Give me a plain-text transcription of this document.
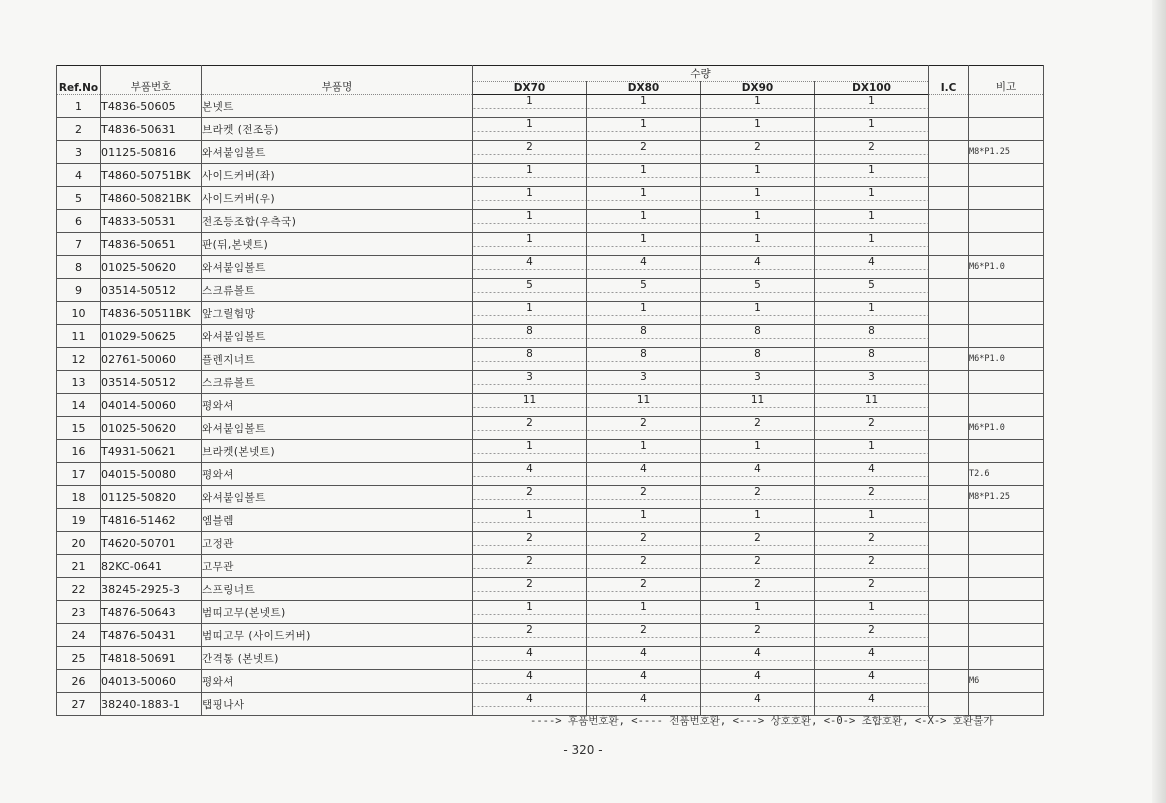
Ref.No	부품번호	부품명	수량				I.C	비고
			DX70	DX80	DX90	DX100		
1	T4836-50605	본넷트	1	1	1	1		
2	T4836-50631	브라켓 (전조등)	1	1	1	1		
3	01125-50816	와셔붙임볼트	2	2	2	2		M8*P1.25
4	T4860-50751BK	사이드커버(좌)	1	1	1	1		
5	T4860-50821BK	사이드커버(우)	1	1	1	1		
6	T4833-50531	전조등조합(우측국)	1	1	1	1		
7	T4836-50651	판(뒤,본넷트)	1	1	1	1		
8	01025-50620	와셔붙임볼트	4	4	4	4		M6*P1.0
9	03514-50512	스크류볼트	5	5	5	5		
10	T4836-50511BK	앞그릴험망	1	1	1	1		
11	01029-50625	와셔붙임볼트	8	8	8	8		
12	02761-50060	플렌지너트	8	8	8	8		M6*P1.0
13	03514-50512	스크류볼트	3	3	3	3		
14	04014-50060	평와셔	11	11	11	11		
15	01025-50620	와셔붙임볼트	2	2	2	2		M6*P1.0
16	T4931-50621	브라켓(본넷트)	1	1	1	1		
17	04015-50080	평와셔	4	4	4	4		T2.6
18	01125-50820	와셔붙임볼트	2	2	2	2		M8*P1.25
19	T4816-51462	엠블렘	1	1	1	1		
20	T4620-50701	고정관	2	2	2	2		
21	82KC-0641	고무관	2	2	2	2		
22	38245-2925-3	스프링너트	2	2	2	2		
23	T4876-50643	범띠고무(본넷트)	1	1	1	1		
24	T4876-50431	범띠고무 (사이드커버)	2	2	2	2		
25	T4818-50691	간격통 (본넷트)	4	4	4	4		
26	04013-50060	평와셔	4	4	4	4		M6
27	38240-1883-1	탭핑나사	4	4	4	4		
----> 후품번호환, <---- 전품번호환, <---> 상호호환, <-0-> 조합호환, <-X-> 호환불가
- 320 -
